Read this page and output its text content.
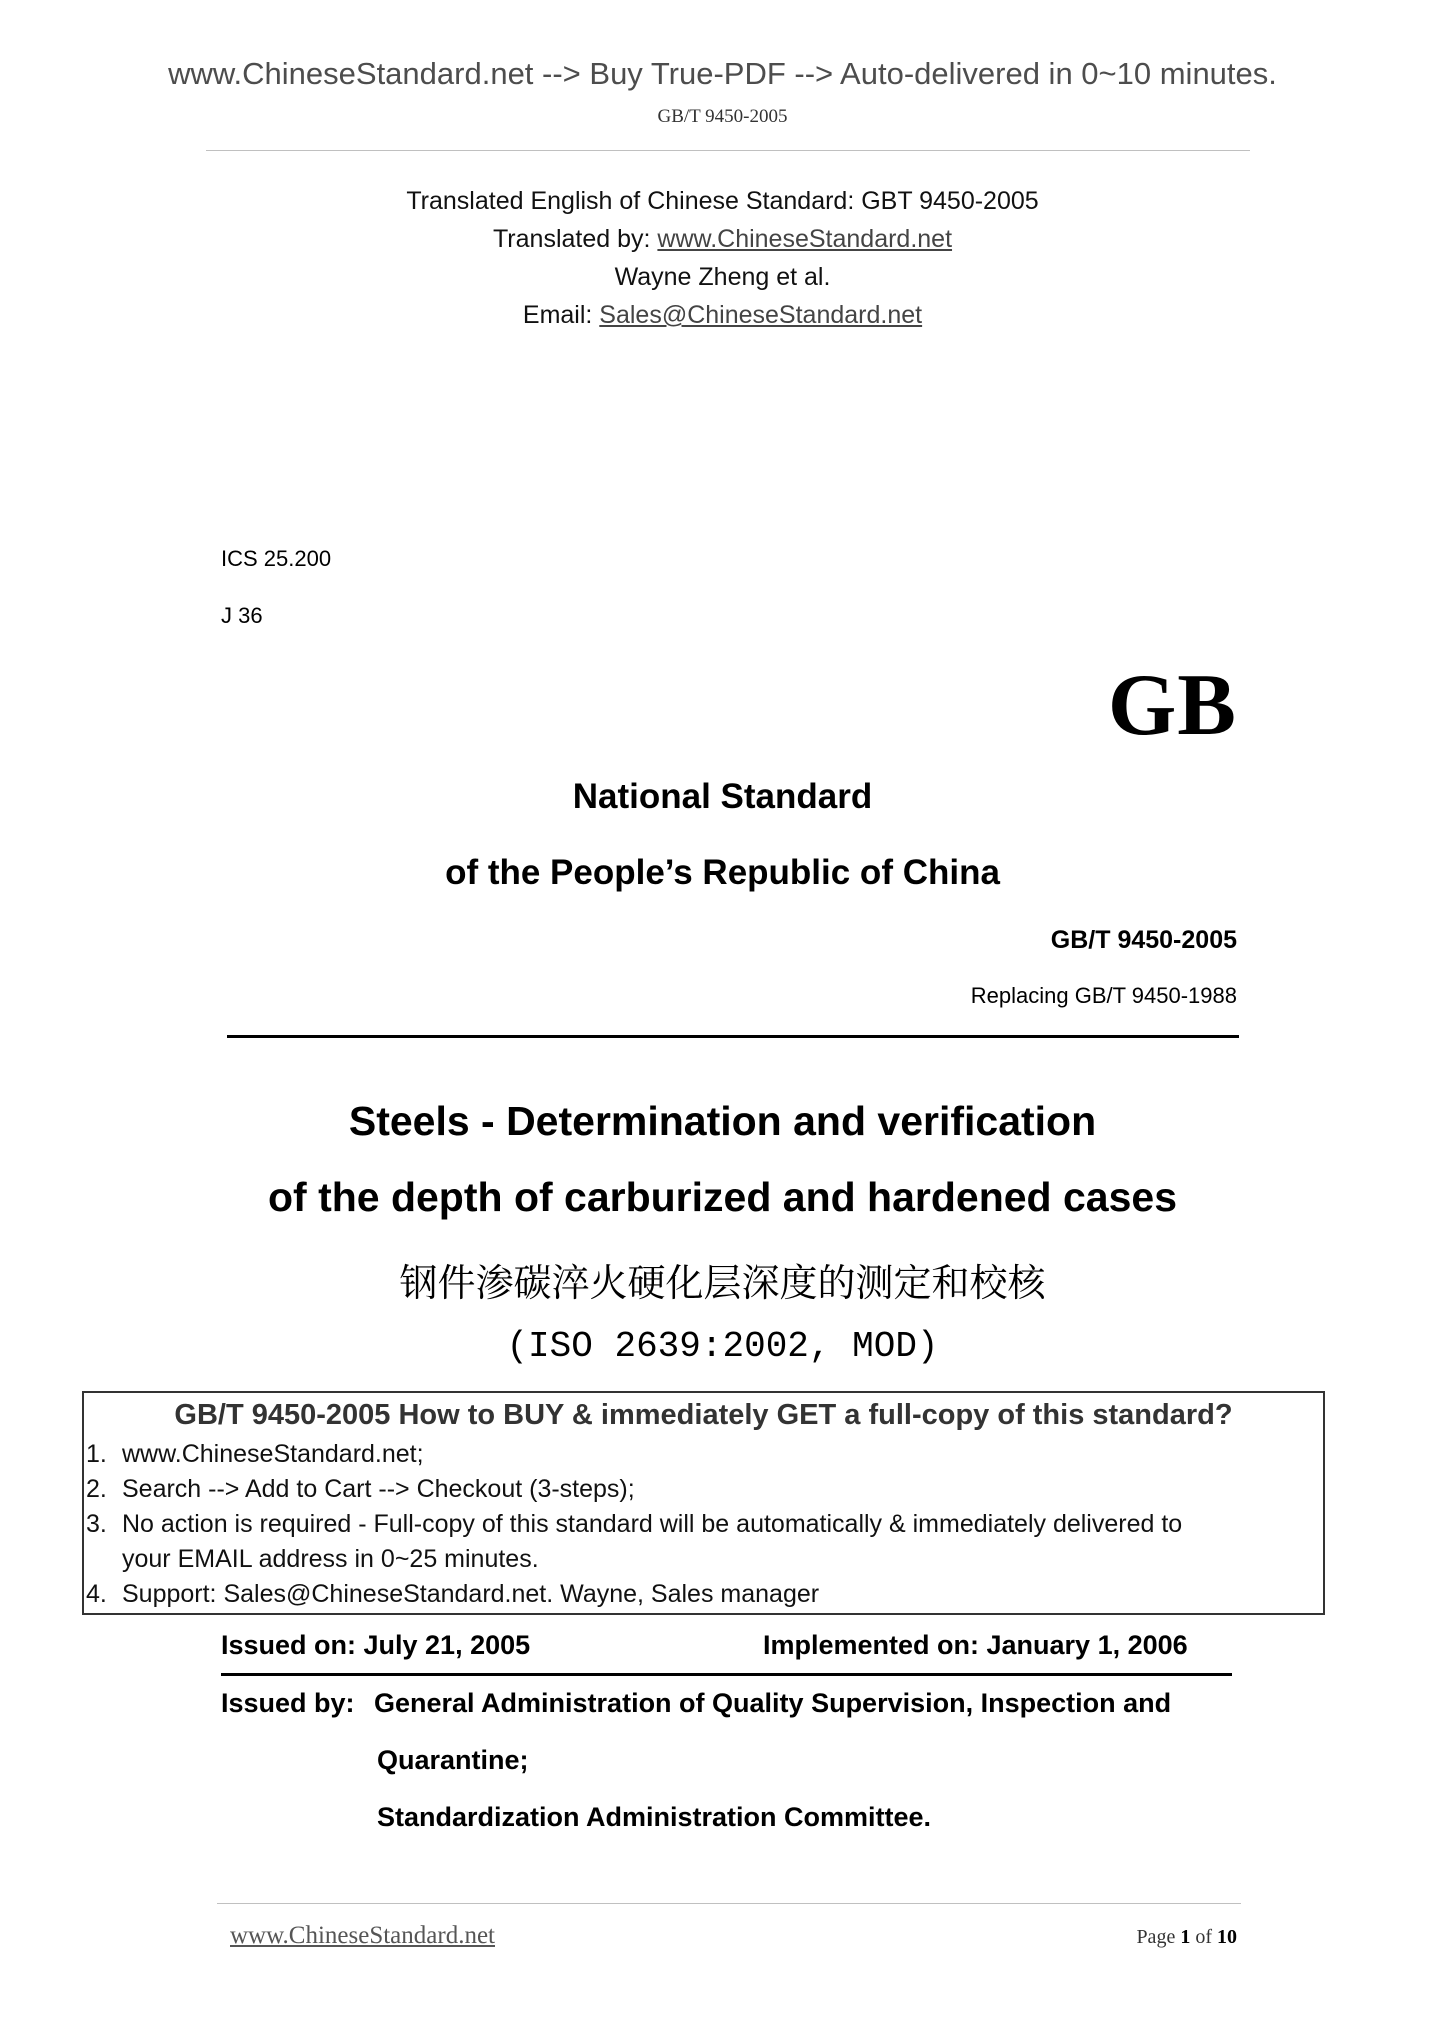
www.ChineseStandard.net --> Buy True-PDF --> Auto-delivered in 0~10 minutes.
GB/T 9450-2005
Translated English of Chinese Standard: GBT 9450-2005
Translated by: www.ChineseStandard.net
Wayne Zheng et al.
Email: Sales@ChineseStandard.net
ICS 25.200
J 36
GB
National Standard
of the People’s Republic of China
GB/T 9450-2005
Replacing GB/T 9450-1988
Steels - Determination and verification
of the depth of carburized and hardened cases
钢件渗碳淬火硬化层深度的测定和校核
(ISO 2639:2002, MOD)
GB/T 9450-2005 How to BUY & immediately GET a full-copy of this standard?
1. www.ChineseStandard.net;
2. Search --> Add to Cart --> Checkout (3-steps);
3. No action is required - Full-copy of this standard will be automatically & immediately delivered to
your EMAIL address in 0~25 minutes.
4. Support: Sales@ChineseStandard.net. Wayne, Sales manager
Issued on: July 21, 2005	Implemented on: January 1, 2006
Issued by: General Administration of Quality Supervision, Inspection and
Quarantine;
Standardization Administration Committee.
www.ChineseStandard.net	Page 1 of 10
